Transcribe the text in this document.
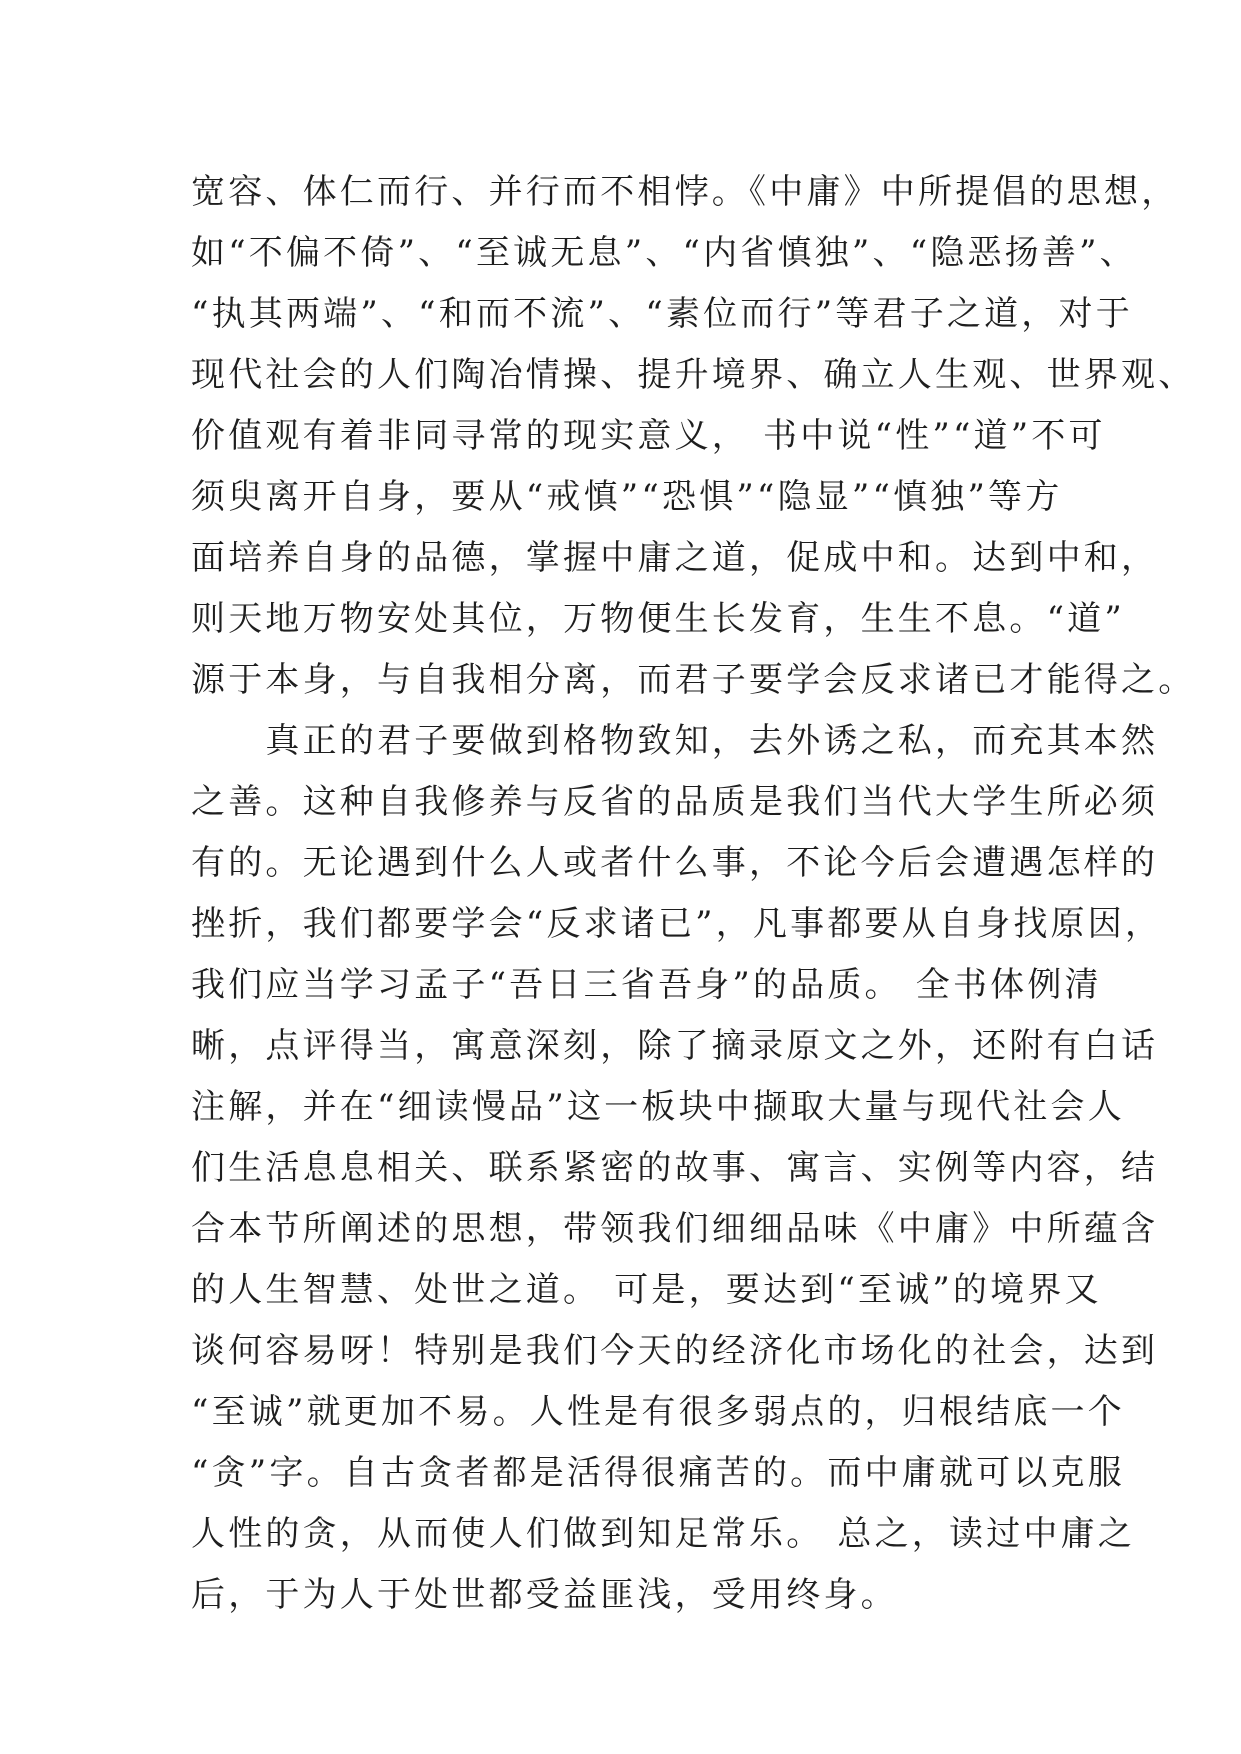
宽容、体仁而行、并行而不相悖。《中庸》中所提倡的思想，
如“不偏不倚”、“至诚无息”、“内省慎独”、“隐恶扬善”、
“执其两端”、“和而不流”、“素位而行”等君子之道，对于
现代社会的人们陶冶情操、提升境界、确立人生观、世界观、
价值观有着非同寻常的现实意义， 书中说“性”“道”不可
须臾离开自身，要从“戒慎”“恐惧”“隐显”“慎独”等方
面培养自身的品德，掌握中庸之道，促成中和。达到中和，
则天地万物安处其位，万物便生长发育，生生不息。“道”
源于本身，与自我相分离，而君子要学会反求诸已才能得之。
　　真正的君子要做到格物致知，去外诱之私，而充其本然
之善。这种自我修养与反省的品质是我们当代大学生所必须
有的。无论遇到什么人或者什么事，不论今后会遭遇怎样的
挫折，我们都要学会“反求诸已”，凡事都要从自身找原因，
我们应当学习孟子“吾日三省吾身”的品质。 全书体例清
晰，点评得当，寓意深刻，除了摘录原文之外，还附有白话
注解，并在“细读慢品”这一板块中撷取大量与现代社会人
们生活息息相关、联系紧密的故事、寓言、实例等内容，结
合本节所阐述的思想，带领我们细细品味《中庸》中所蕴含
的人生智慧、处世之道。 可是，要达到“至诚”的境界又
谈何容易呀！特别是我们今天的经济化市场化的社会，达到
“至诚”就更加不易。人性是有很多弱点的，归根结底一个
“贪”字。自古贪者都是活得很痛苦的。而中庸就可以克服
人性的贪，从而使人们做到知足常乐。 总之，读过中庸之
后，于为人于处世都受益匪浅，受用终身。
